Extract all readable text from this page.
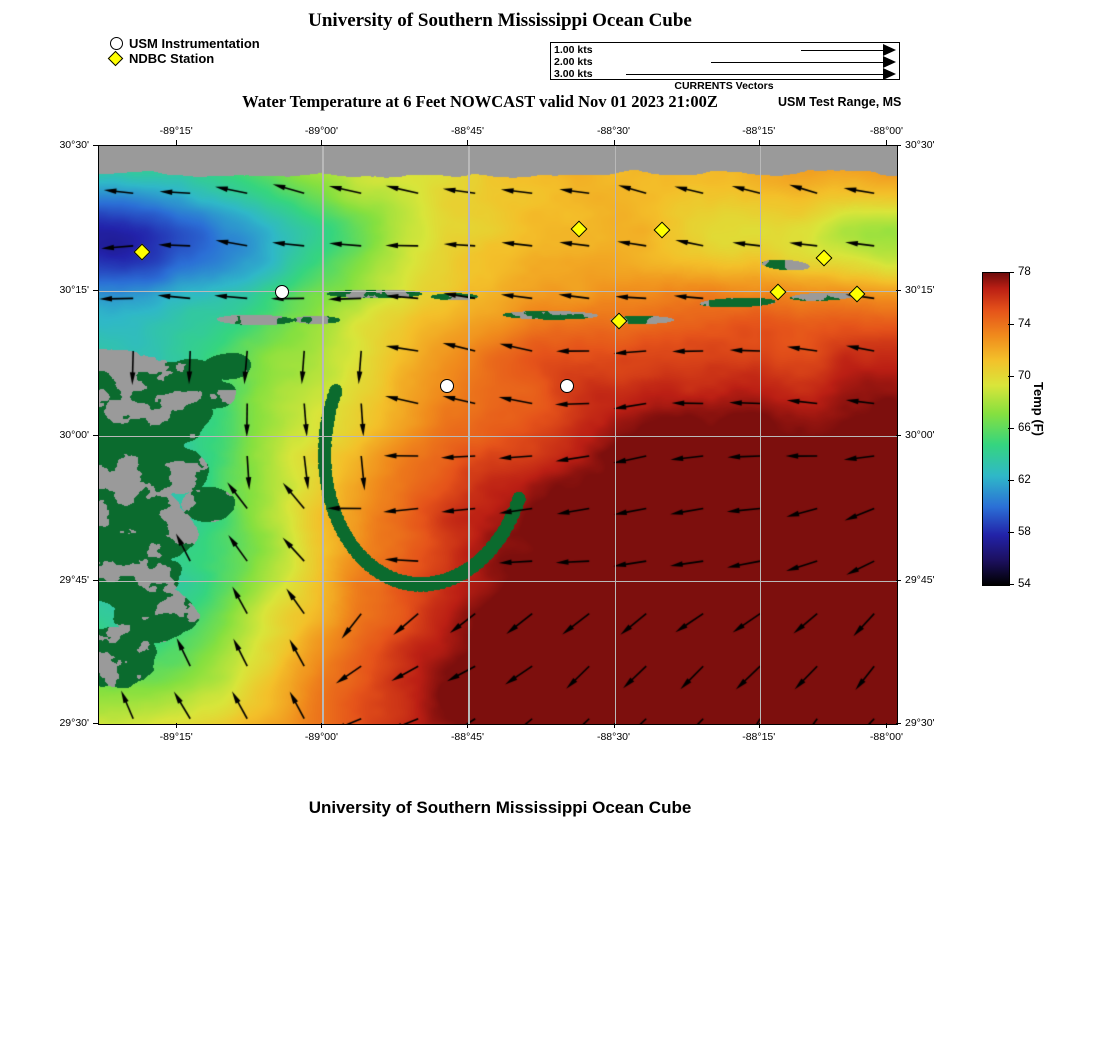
University of Southern Mississippi Ocean Cube
USM Instrumentation
NDBC Station
1.00 kts
2.00 kts
3.00 kts
CURRENTS Vectors
Water Temperature at 6 Feet NOWCAST valid Nov 01 2023 21:00Z	USM Test Range, MS
-89°15'
-89°15'
-89°00'
-89°00'
-88°45'
-88°45'
-88°30'
-88°30'
-88°15'
-88°15'
-88°00'
-88°00'
30°30'	30°30'
30°15'	30°15'
30°00'	30°00'
29°45'	29°45'
29°30'	29°30'
78
74
70
66
62
58
54
Temp (F)
University of Southern Mississippi Ocean Cube
